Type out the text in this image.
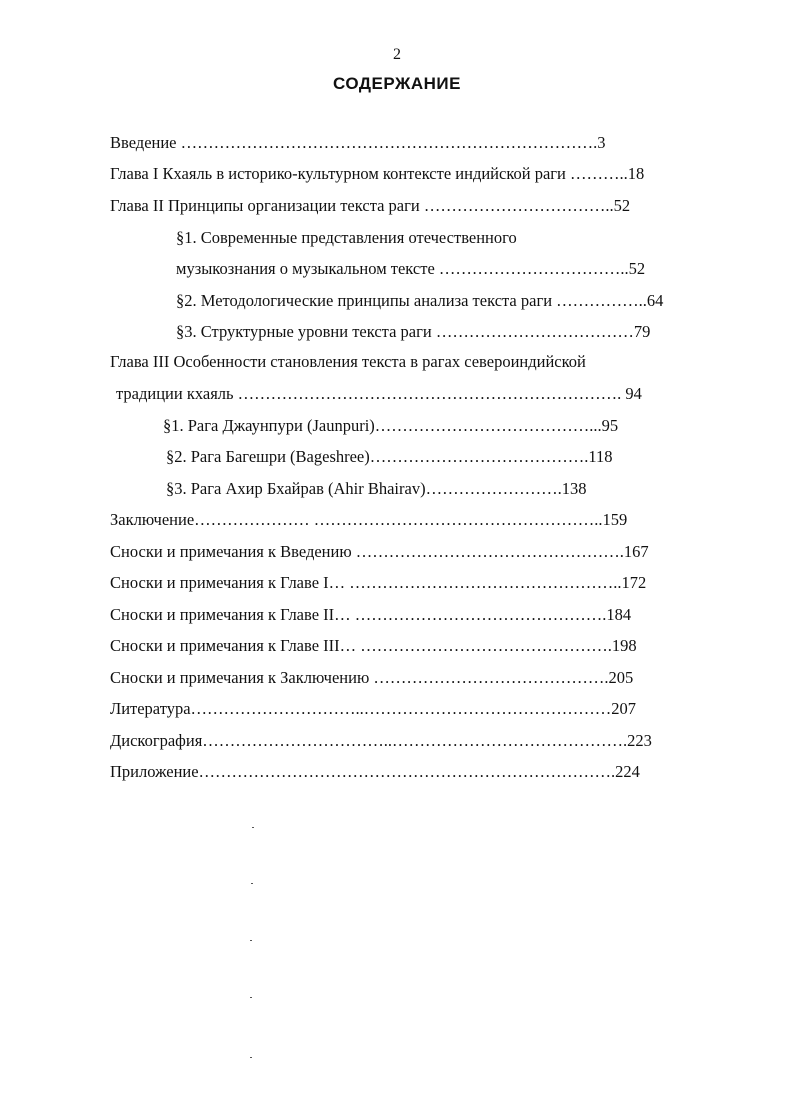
2
СОДЕРЖАНИЕ
Введение ………………………………………………………………….3
Глава I Кхаяль в историко-культурном контексте индийской раги ………..18
Глава II Принципы организации текста раги ……………………………..52
§1. Современные представления отечественного
музыкознания о музыкальном тексте ……………………………..52
§2. Методологические принципы анализа текста раги ……………..64
§3. Структурные уровни текста раги ………………………………79
Глава III Особенности становления текста в рагах североиндийской
традиции кхаяль ……………………………………………………………. 94
§1. Рага Джаунпури (Jaunpuri)…………………………………...95
§2. Рага Багешри (Bageshree)………………………………….118
§3. Рага Ахир Бхайрав (Ahir Bhairav)…………………….138
Заключение………………… ……………………………………………..159
Сноски и примечания к Введению ………………………………………….167
Сноски и примечания к Главе I… …………………………………………..172
Сноски и примечания к Главе II… ……………………………………….184
Сноски и примечания к Главе III… ……………………………………….198
Сноски и примечания к Заключению …………………………………….205
Литература…………………………..………………………………………207
Дискография……………………………..…………………………………….223
Приложение………………………………………………………………….224
